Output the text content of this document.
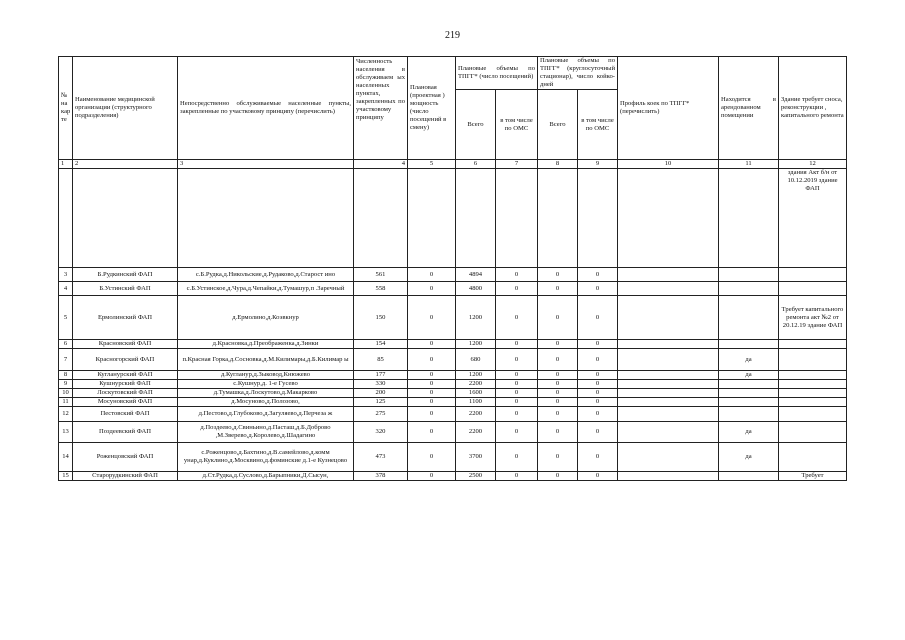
219
№ на кар те	Наименование медицинской организации (структурного подразделения)	Непосредственно обслуживаемые населенные пункты, закрепленные по участковому принципу (перечислить)	Численность населения в обслуживаем ых населенных пунктах, закрепленных по участковому принципу	Плановая (проектная ) мощность (число посещений в смену)	Плановые объемы по ТПГГ* (число посещений)		Плановые объемы по ТПГГ* (круглосуточный стационар), число койко-дней		Профиль коек по ТПГГ* (перечислить)	Находится в арендованном помещении	Здание требует сноса, реконструкции , капитального ремонта
					Всего	в том числе по ОМС	Всего	в том числе по ОМС			
1	2	3	4	5	6	7	8	9	10	11	12
											здания Акт б/н от 10.12.2019 здание ФАП
3	Б.Рудкинский ФАП	с.Б.Рудка,д.Никольские,д.Рудаково,д.Старост ино	561	0	4894	0	0	0			
4	Б.Устинский ФАП	с.Б.Устинское,д.Чура,д.Чепайки,д.Тумашур,п .Заречный	558	0	4800	0	0	0			
5	Ермолинский ФАП	д.Ермолино,д.Коэвкнур	150	0	1200	0	0	0			Требует капитального ремонта акт №2 от 20.12.19 здание ФАП
6	Красновский ФАП	д.Красновка,д.Преображенка,д.Зинки	154	0	1200	0	0	0			
7	Красногорский ФАП	п.Красная Горка,д.Сосновка,д.М.Килимары,д.Б.Килимар ы	85	0	680	0	0	0		да	
8	Кугланурский ФАП	д.Кугланур,д.Зыковод,Кнюжево	177	0	1200	0	0	0		да	
9	Кушнурский ФАП	с.Кушнур,д. 1-е Гусево	330	0	2200	0	0	0			
10	Лоскутовский ФАП	д.Тумашка,д.Лоскутово,д.Макарково	200	0	1600	0	0	0			
11	Мосуновский ФАП	д.Мосуново,д.Полозово,	125	0	1100	0	0	0			
12	Пестовский ФАП	д.Пестово,д.Глубоково,д.Загуляево,д.Перчеза ж	275	0	2200	0	0	0			
13	Поздеевский ФАП	д.Поздеево,д.Свиньино,д.Пасташ,д.Б.Доброво ,М.Зверево,д.Королево,д.Шадагино	320	0	2200	0	0	0		да	
14	Роженцовский ФАП	с.Роженцово,д.Бахтино,д.В.самейлово,д.комм унар,д.Куклино,д.Москвино,д.фоминские д.1-е Кузнецово	473	0	3700	0	0	0		да	
15	Старорудкинский ФАП	д.Ст.Рудка,д.Суслово,д.Барыпники,Д.Сысун,	378	0	2500	0	0	0			Требует
